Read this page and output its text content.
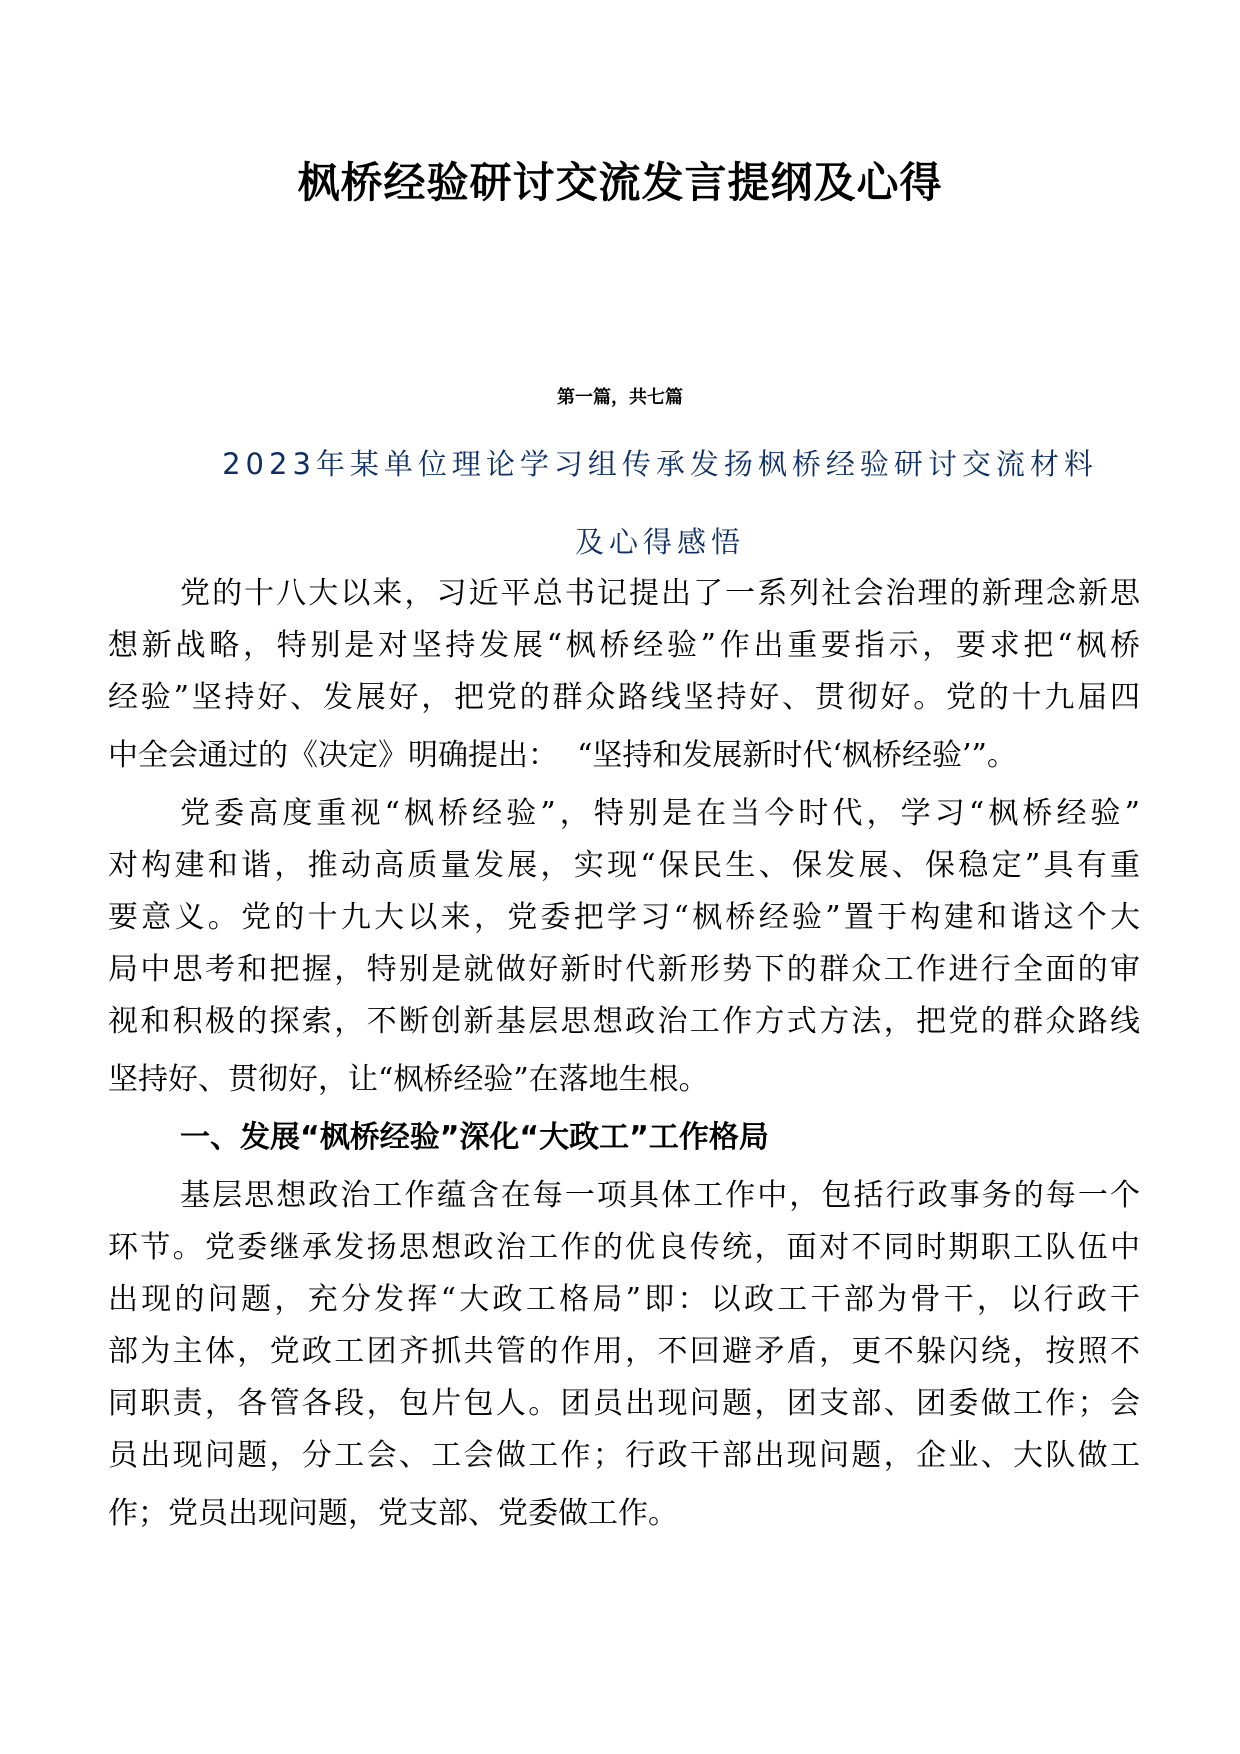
枫桥经验研讨交流发言提纲及心得
第一篇，共七篇
2023年某单位理论学习组传承发扬枫桥经验研讨交流材料
及心得感悟
党的十八大以来，习近平总书记提出了一系列社会治理的新理念新思
想新战略，特别是对坚持发展“枫桥经验”作出重要指示，要求把“枫桥
经验”坚持好、发展好，把党的群众路线坚持好、贯彻好。党的十九届四
中全会通过的《决定》明确提出：  “坚持和发展新时代‘枫桥经验’”。
党委高度重视“枫桥经验”，特别是在当今时代，学习“枫桥经验”
对构建和谐，推动高质量发展，实现“保民生、保发展、保稳定”具有重
要意义。党的十九大以来，党委把学习“枫桥经验”置于构建和谐这个大
局中思考和把握，特别是就做好新时代新形势下的群众工作进行全面的审
视和积极的探索，不断创新基层思想政治工作方式方法，把党的群众路线
坚持好、贯彻好，让“枫桥经验”在落地生根。
一、发展“枫桥经验”深化“大政工”工作格局
基层思想政治工作蕴含在每一项具体工作中，包括行政事务的每一个
环节。党委继承发扬思想政治工作的优良传统，面对不同时期职工队伍中
出现的问题，充分发挥“大政工格局”即：以政工干部为骨干，以行政干
部为主体，党政工团齐抓共管的作用，不回避矛盾，更不躲闪绕，按照不
同职责，各管各段，包片包人。团员出现问题，团支部、团委做工作；会
员出现问题，分工会、工会做工作；行政干部出现问题，企业、大队做工
作；党员出现问题，党支部、党委做工作。
